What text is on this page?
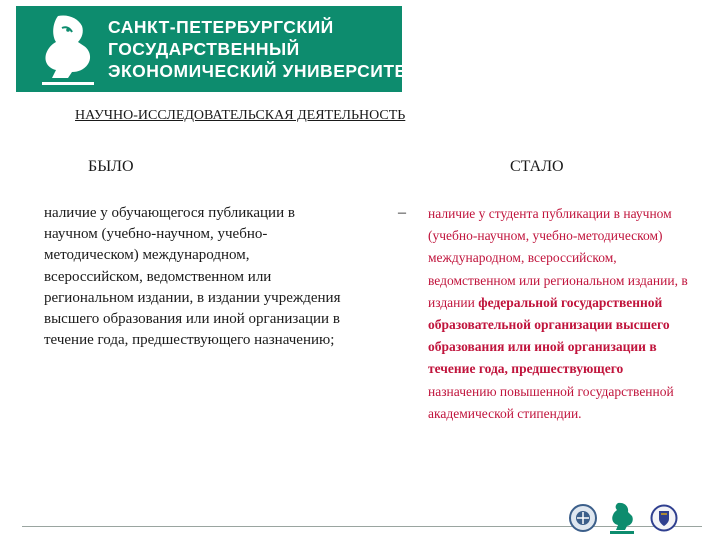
САНКТ-ПЕТЕРБУРГСКИЙ
ГОСУДАРСТВЕННЫЙ
ЭКОНОМИЧЕСКИЙ УНИВЕРСИТЕТ
НАУЧНО-ИССЛЕДОВАТЕЛЬСКАЯ ДЕЯТЕЛЬНОСТЬ
БЫЛО	СТАЛО
наличие у обучающегося публикации в научном (учебно-научном, учебно-методическом) международном, всероссийском, ведомственном или региональном издании, в издании учреждения высшего образования или иной организации в течение года, предшествующего назначению;
– наличие у студента публикации в научном (учебно-научном, учебно-методическом) международном, всероссийском, ведомственном или региональном издании, в издании федеральной государственной образовательной организации высшего образования или иной организации в течение года, предшествующего назначению повышенной государственной академической стипендии.
